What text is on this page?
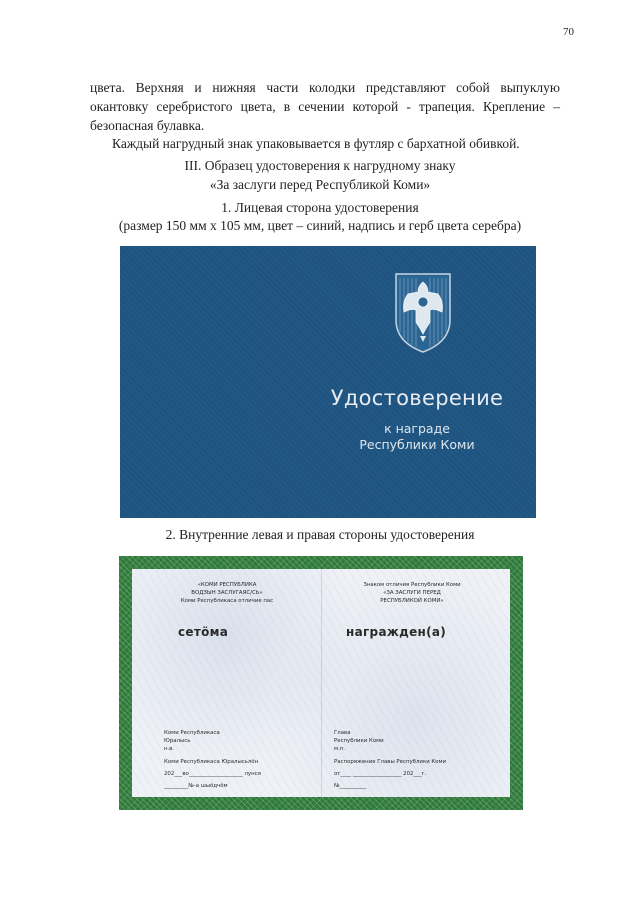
70

цвета. Верхняя и нижняя части колодки представляют собой выпуклую окантовку серебристого цвета, в сечении которой - трапеция. Крепление – безопасная булавка.

Каждый нагрудный знак упаковывается в футляр с бархатной обивкой.

III. Образец удостоверения к нагрудному знаку

«За заслуги перед Республикой Коми»

1. Лицевая сторона удостоверения

(размер 150 мм х 105 мм, цвет – синий, надпись и герб цвета серебра)

Удостоверение
к награде
Республики Коми

2. Внутренние левая и правая стороны удостоверения

«КОМИ РЕСПУБЛИКА
ВОДЗЫН ЗАСЛУГАЯС/СЬ»
Коми Республикаса отличие пас
сетöма
Знаком отличия Республики Коми
«ЗА ЗАСЛУГИ ПЕРЕД
РЕСПУБЛИКОЙ КОМИ»
награжден(а)
Коми Республикаса
Юралысь
н.в.
Коми Республикаса Юралысьлöн
202___во____________________ лунся
_________№-а шыöдчöм
Глава
Республики Коми
м.п.
Распоряжение Главы Республики Коми
от____ __________________ 202___г.
№__________
